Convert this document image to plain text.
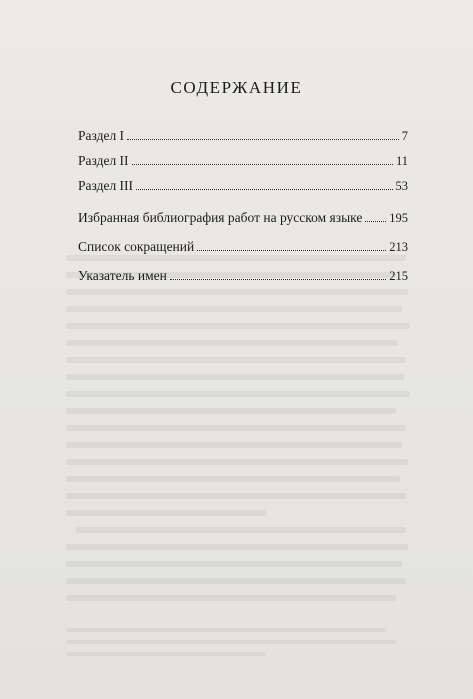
СОДЕРЖАНИЕ
Раздел I	7
Раздел II	11
Раздел III	53
Избранная библиография работ на русском языке 195
Список сокращений	213
Указатель имен	215
